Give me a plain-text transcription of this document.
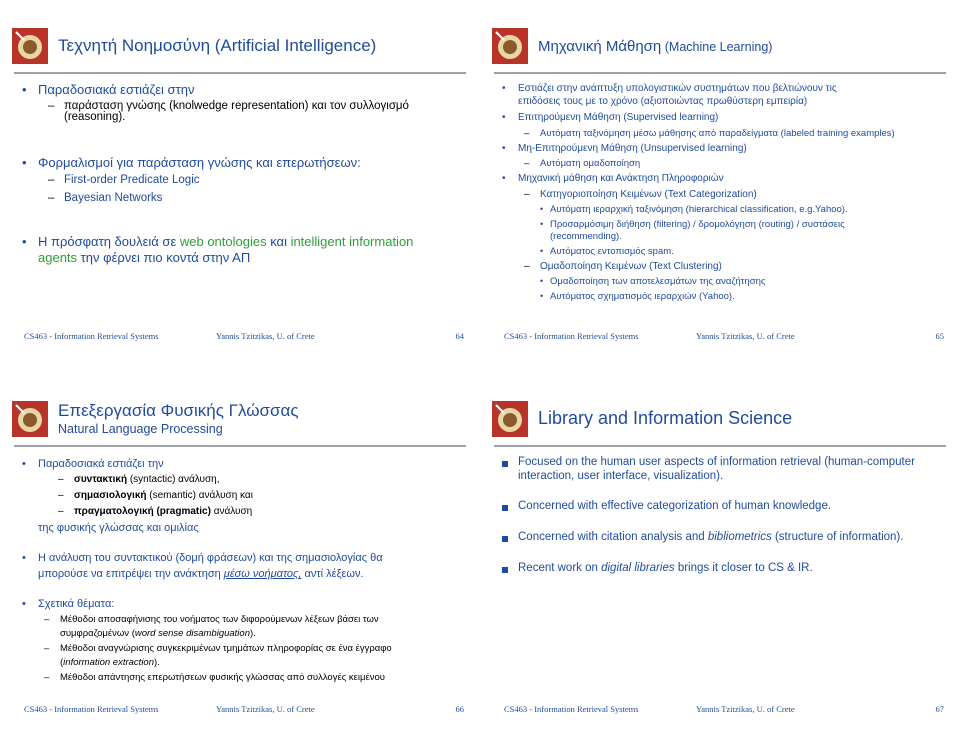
Τεχνητή Νοημοσύνη (Artificial Intelligence)
• Παραδοσιακά εστιάζει στην
– παράσταση γνώσης (knolwedge representation) και τον συλλογισμό
(reasoning).
• Φορμαλισμοί για παράσταση γνώσης και επερωτήσεων:
– First-order Predicate Logic
– Bayesian Networks
• Η πρόσφατη δουλειά σε web ontologies και intelligent information
agents την φέρνει πιο κοντά στην ΑΠ
CS463 - Information Retrieval Systems	Yannis Tzitzikas, U. of Crete	64
Μηχανική Μάθηση (Machine Learning)
• Εστιάζει στην ανάπτυξη υπολογιστικών συστημάτων που βελτιώνουν τις
επιδόσεις τους με το χρόνο (αξιοποιώντας πρωθύστερη εμπειρία)
• Επιτηρούμενη Μάθηση (Supervised learning)
– Αυτόματη ταξινόμηση μέσω μάθησης από παραδείγματα (labeled training examples)
• Μη-Επιτηρούμενη Μάθηση (Unsupervised learning)
– Αυτόματη ομαδοποίηση
• Μηχανική μάθηση και Ανάκτηση Πληροφοριών
– Κατηγοριοποίηση Κειμένων (Text Categorization)
• Αυτόματη ιεραρχική ταξινόμηση (hierarchical classification, e.g.Yahoo).
• Προσαρμόσιμη διήθηση (filtering) / δρομολόγηση (routing) / συστάσεις
(recommending).
• Αυτόματος εντοπισμός spam.
– Ομαδοποίηση Κειμένων (Text Clustering)
• Ομαδοποίηση των αποτελεσμάτων της αναζήτησης
• Αυτόματος σχηματισμός ιεραρχιών (Yahoo).
CS463 - Information Retrieval Systems	Yannis Tzitzikas, U. of Crete	65
Επεξεργασία Φυσικής Γλώσσας
Natural Language Processing
• Παραδοσιακά εστιάζει την
– συντακτική (syntactic) ανάλυση,
– σημασιολογική (semantic) ανάλυση και
– πραγματολογική (pragmatic) ανάλυση
της φυσικής γλώσσας και ομιλίας
• Η ανάλυση του συντακτικού (δομή φράσεων) και της σημασιολογίας θα
μπορούσε να επιτρέψει την ανάκτηση μέσω νοήματος, αντί λέξεων.
• Σχετικά θέματα:
– Μέθοδοι αποσαφήνισης του νοήματος των διφορούμενων λέξεων βάσει των
συμφραζομένων (word sense disambiguation).
– Μέθοδοι αναγνώρισης συγκεκριμένων τμημάτων πληροφορίας σε ένα έγγραφο
(information extraction).
– Μέθοδοι απάντησης επερωτήσεων φυσικής γλώσσας από συλλογές κειμένου
CS463 - Information Retrieval Systems	Yannis Tzitzikas, U. of Crete	66
Library and Information Science
Focused on the human user aspects of information retrieval (human-computer
interaction, user interface, visualization).
Concerned with effective categorization of human knowledge.
Concerned with citation analysis and bibliometrics (structure of information).
Recent work on digital libraries brings it closer to CS & IR.
CS463 - Information Retrieval Systems	Yannis Tzitzikas, U. of Crete	67
